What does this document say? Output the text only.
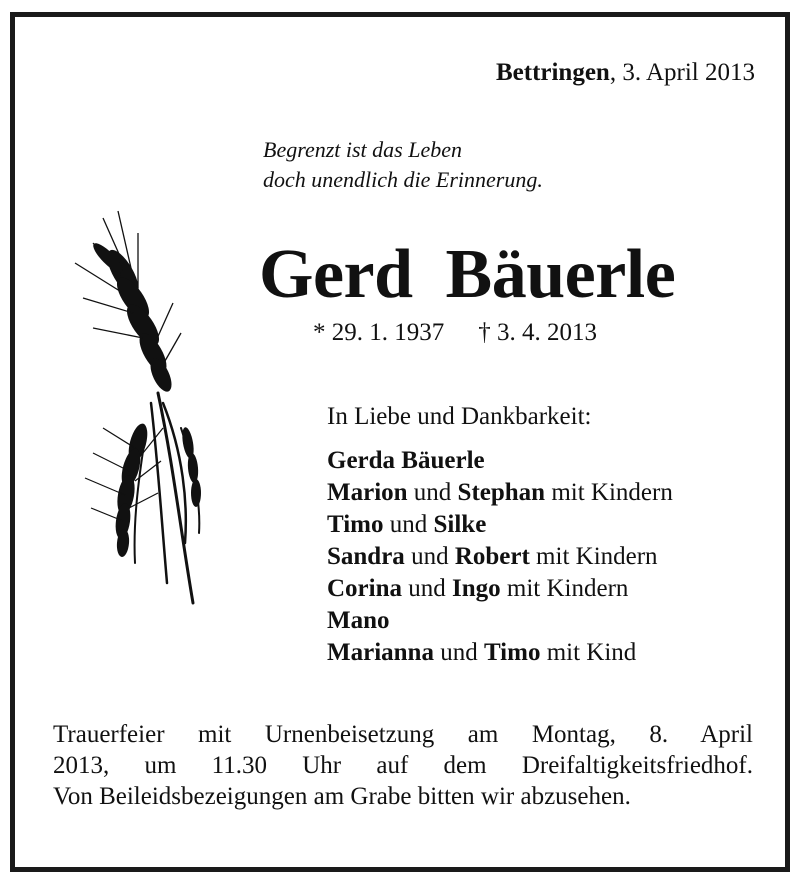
Bettringen, 3. April 2013
Begrenzt ist das Leben
doch unendlich die Erinnerung.
Gerd Bäuerle
* 29. 1. 1937 † 3. 4. 2013
In Liebe und Dankbarkeit:
Gerda Bäuerle
Marion und Stephan mit Kindern
Timo und Silke
Sandra und Robert mit Kindern
Corina und Ingo mit Kindern
Mano
Marianna und Timo mit Kind
Trauerfeier mit Urnenbeisetzung am Montag, 8. April
2013, um 11.30 Uhr auf dem Dreifaltigkeitsfriedhof.
Von Beileidsbezeigungen am Grabe bitten wir abzusehen.
